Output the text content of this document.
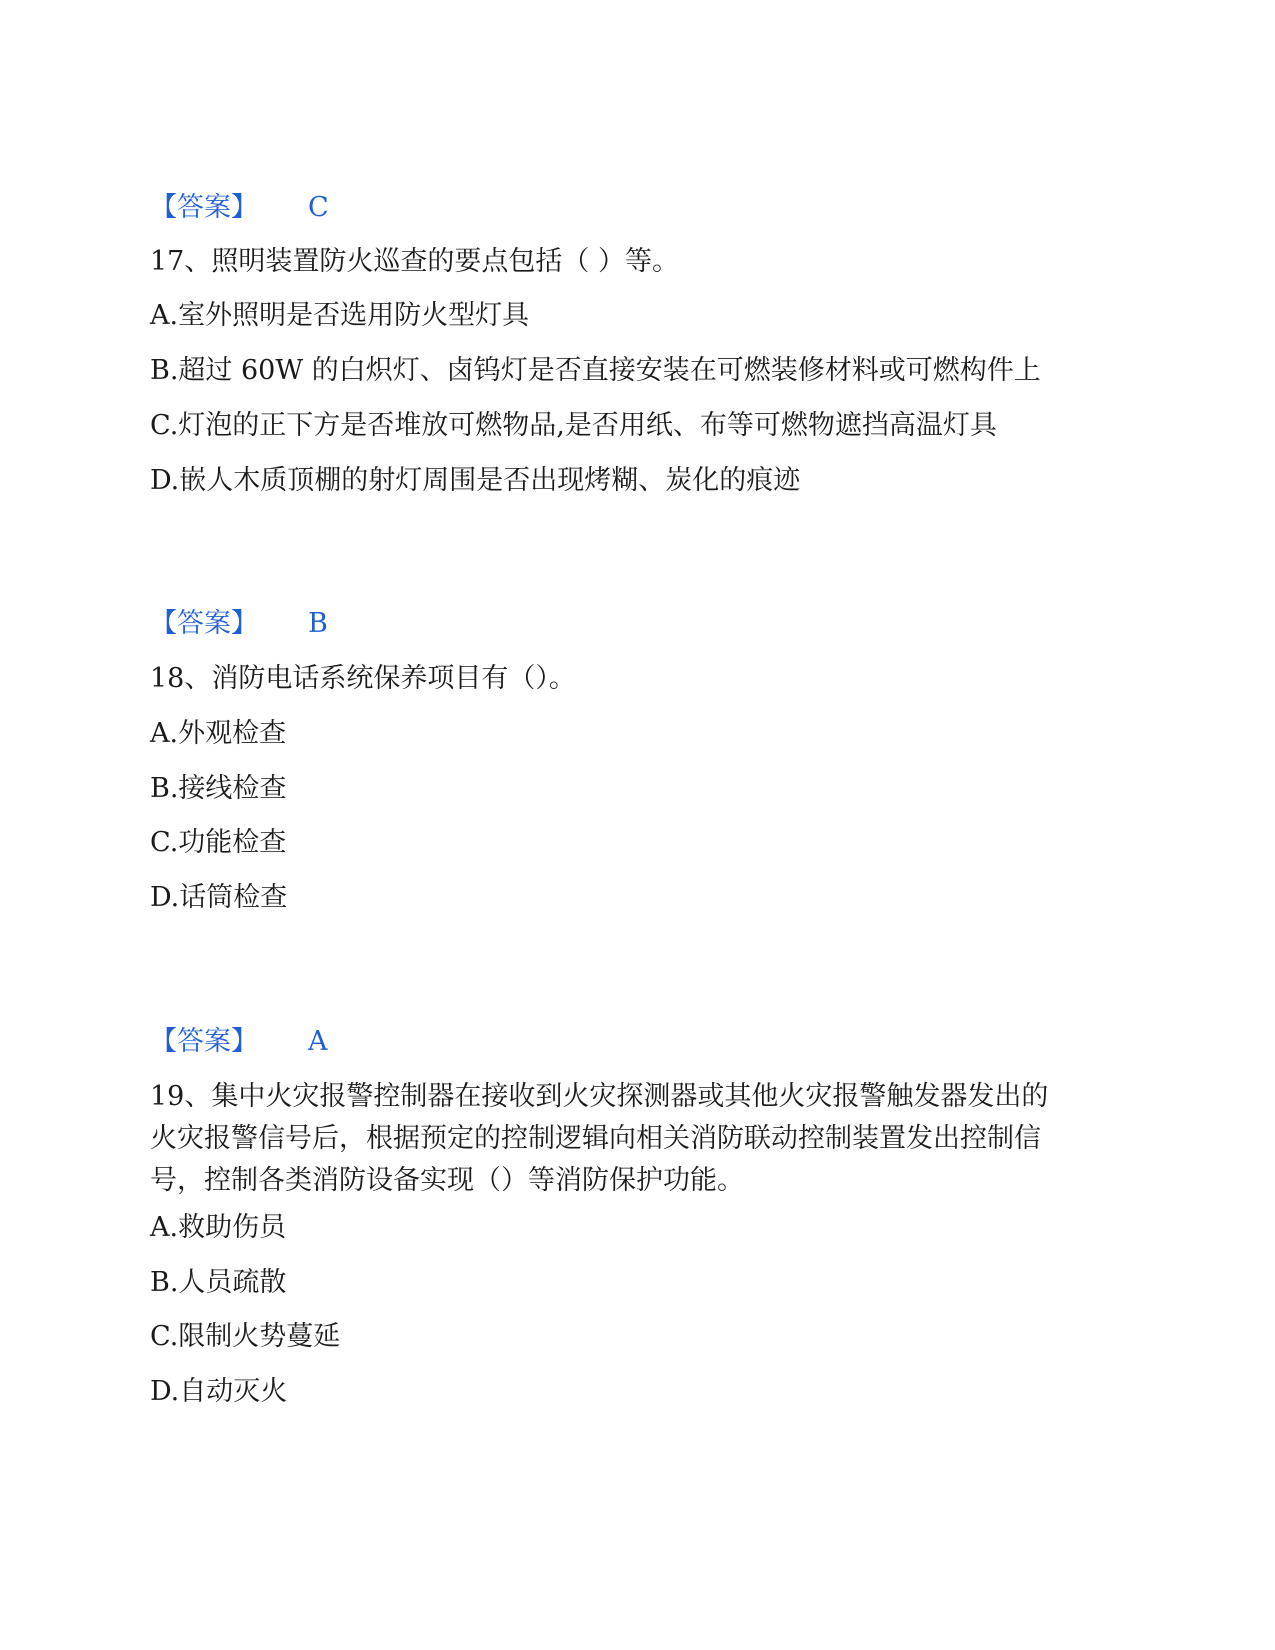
【答案】 C
17、照明装置防火巡查的要点包括（ ）等。
A.室外照明是否选用防火型灯具
B.超过 60W 的白炽灯、卤钨灯是否直接安装在可燃装修材料或可燃构件上
C.灯泡的正下方是否堆放可燃物品,是否用纸、布等可燃物遮挡高温灯具
D.嵌人木质顶棚的射灯周围是否出现烤糊、炭化的痕迹
【答案】 B
18、消防电话系统保养项目有（）。
A.外观检查
B.接线检查
C.功能检查
D.话筒检查
【答案】 A
19、集中火灾报警控制器在接收到火灾探测器或其他火灾报警触发器发出的
火灾报警信号后，根据预定的控制逻辑向相关消防联动控制装置发出控制信
号，控制各类消防设备实现（）等消防保护功能。
A.救助伤员
B.人员疏散
C.限制火势蔓延
D.自动灭火
